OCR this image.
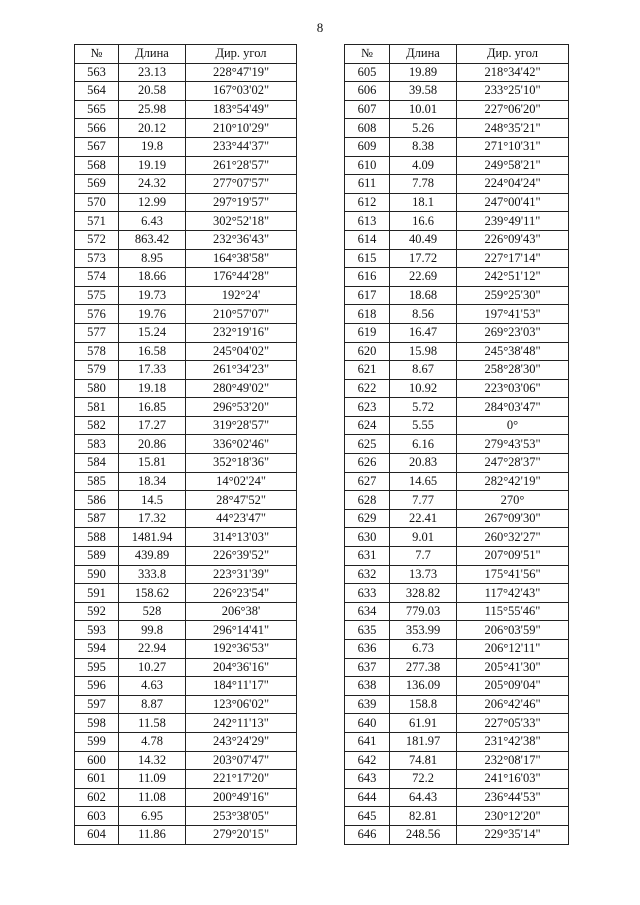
8
№	Длина	Дир. угол
563	23.13	228°47'19"
564	20.58	167°03'02"
565	25.98	183°54'49"
566	20.12	210°10'29"
567	19.8	233°44'37"
568	19.19	261°28'57"
569	24.32	277°07'57"
570	12.99	297°19'57"
571	6.43	302°52'18"
572	863.42	232°36'43"
573	8.95	164°38'58"
574	18.66	176°44'28"
575	19.73	192°24'
576	19.76	210°57'07"
577	15.24	232°19'16"
578	16.58	245°04'02"
579	17.33	261°34'23"
580	19.18	280°49'02"
581	16.85	296°53'20"
582	17.27	319°28'57"
583	20.86	336°02'46"
584	15.81	352°18'36"
585	18.34	14°02'24"
586	14.5	28°47'52"
587	17.32	44°23'47"
588	1481.94	314°13'03"
589	439.89	226°39'52"
590	333.8	223°31'39"
591	158.62	226°23'54"
592	528	206°38'
593	99.8	296°14'41"
594	22.94	192°36'53"
595	10.27	204°36'16"
596	4.63	184°11'17"
597	8.87	123°06'02"
598	11.58	242°11'13"
599	4.78	243°24'29"
600	14.32	203°07'47"
601	11.09	221°17'20"
602	11.08	200°49'16"
603	6.95	253°38'05"
604	11.86	279°20'15"
№	Длина	Дир. угол
605	19.89	218°34'42"
606	39.58	233°25'10"
607	10.01	227°06'20"
608	5.26	248°35'21"
609	8.38	271°10'31"
610	4.09	249°58'21"
611	7.78	224°04'24"
612	18.1	247°00'41"
613	16.6	239°49'11"
614	40.49	226°09'43"
615	17.72	227°17'14"
616	22.69	242°51'12"
617	18.68	259°25'30"
618	8.56	197°41'53"
619	16.47	269°23'03"
620	15.98	245°38'48"
621	8.67	258°28'30"
622	10.92	223°03'06"
623	5.72	284°03'47"
624	5.55	0°
625	6.16	279°43'53"
626	20.83	247°28'37"
627	14.65	282°42'19"
628	7.77	270°
629	22.41	267°09'30"
630	9.01	260°32'27"
631	7.7	207°09'51"
632	13.73	175°41'56"
633	328.82	117°42'43"
634	779.03	115°55'46"
635	353.99	206°03'59"
636	6.73	206°12'11"
637	277.38	205°41'30"
638	136.09	205°09'04"
639	158.8	206°42'46"
640	61.91	227°05'33"
641	181.97	231°42'38"
642	74.81	232°08'17"
643	72.2	241°16'03"
644	64.43	236°44'53"
645	82.81	230°12'20"
646	248.56	229°35'14"
